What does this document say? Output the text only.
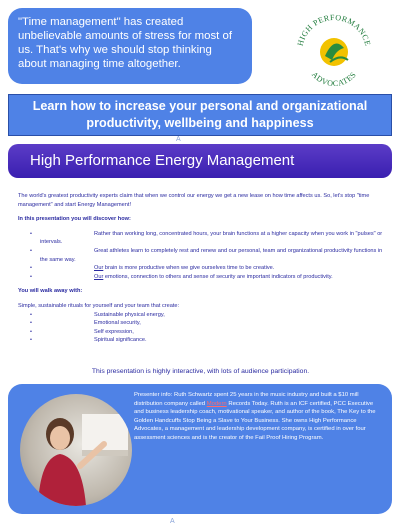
"Time management" has created unbelievable amounts of stress for most of us. That's why we should stop thinking about managing time altogether.
HIGH PERFORMANCE
ADVOCATES
Learn how to increase your personal and organizational productivity, wellbeing and happiness
A
High Performance Energy Management

The world's greatest productivity experts claim that when we control our energy we get a new lease on how time affects us. So, let's stop "time management" and start Energy Management!

In this presentation you will discover how:

•	Rather than working long, concentrated hours, your brain functions at a higher capacity when you work in "pulses" or intervals.
•	Great athletes learn to completely rest and renew and our personal, team and organizational productivity functions in the same way.
•	Our brain is more productive when we give ourselves time to be creative.
•	Our emotions, connection to others and sense of security are important indicators of productivity.

You will walk away with:

Simple, sustainable rituals for yourself and your team that create:

•	Sustainable physical energy,
•	Emotional security,
•	Self expression,
•	Spiritual significance.
This presentation is highly interactive, with lots of audience participation.
Presenter info: Ruth Schwartz spent 25 years in the music industry and built a $10 mill distribution company called Modern Records Today. Ruth is an ICF certified, PCC Executive and business leadership coach, motivational speaker, and author of the book, The Key to the Golden Handcuffs Stop Being a Slave to Your Business. She owns High Performance Advocates, a management and leadership development company, is certified in over four assessment sciences and is the creator of the Fail Proof Hiring Program.
A
